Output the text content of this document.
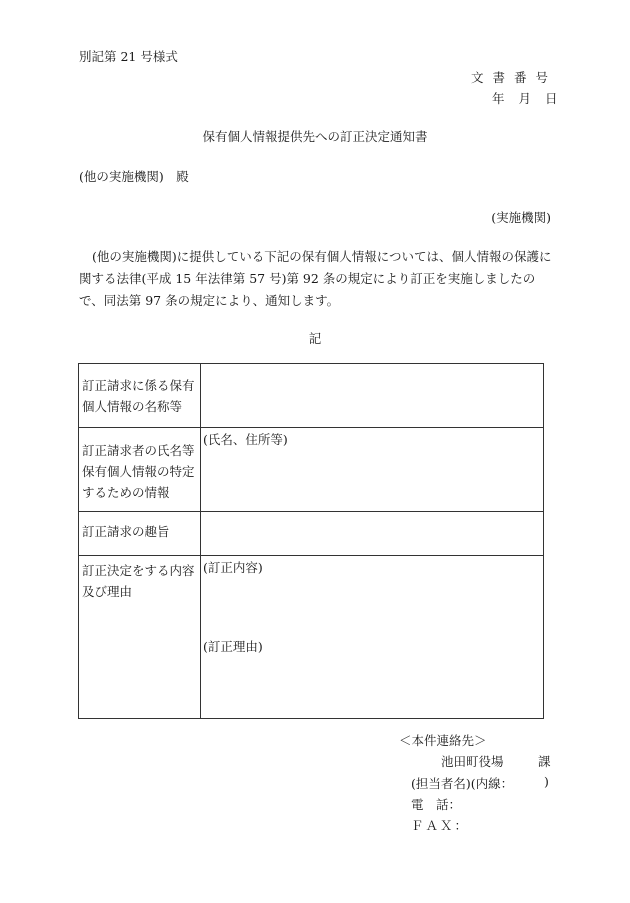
別記第 21 号様式
文書番号
年月日
保有個人情報提供先への訂正決定通知書
(他の実施機関)　殿
(実施機関)
(他の実施機関)に提供している下記の保有個人情報については、個人情報の保護に関する法律(平成 15 年法律第 57 号)第 92 条の規定により訂正を実施しましたので、同法第 97 条の規定により、通知します。
記
訂正請求に係る保有個人情報の名称等	
訂正請求者の氏名等保有個人情報の特定するための情報	(氏名、住所等)
訂正請求の趣旨	
訂正決定をする内容及び理由	(訂正内容)
(訂正理由)
＜本件連絡先＞
池田町役場	課
(担当者名)(内線： )
電　話：
ＦＡＸ：
